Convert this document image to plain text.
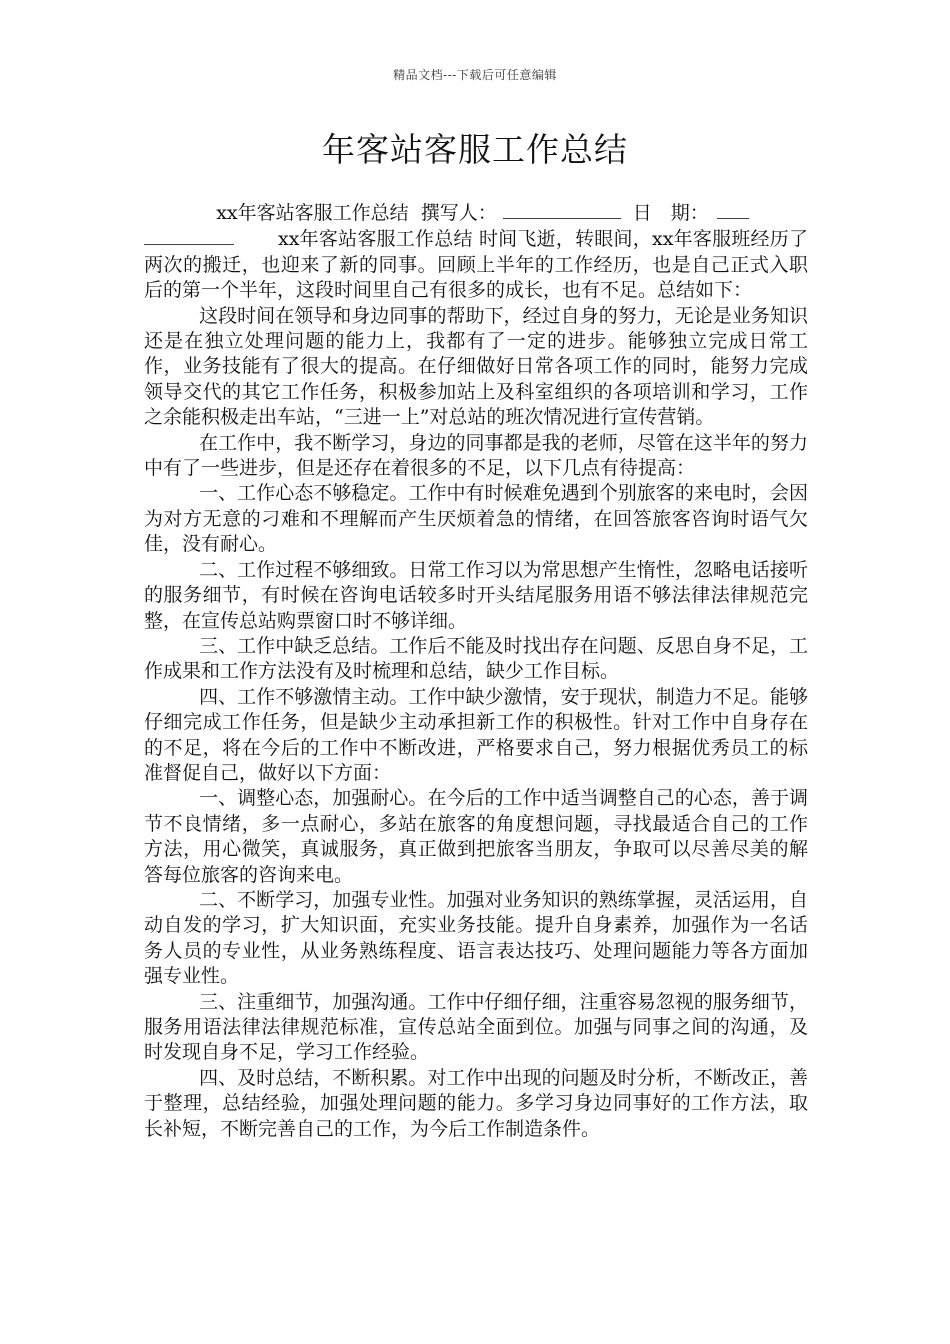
精品文档---下载后可任意编辑
年客站客服工作总结

xx年客站客服工作总结 撰写人：	日　期：

xx年客站客服工作总结 时间飞逝，转眼间，xx年客服班经历了两次的搬迁，也迎来了新的同事。回顾上半年的工作经历，也是自己正式入职后的第一个半年，这段时间里自己有很多的成长，也有不足。总结如下：

这段时间在领导和身边同事的帮助下，经过自身的努力，无论是业务知识还是在独立处理问题的能力上，我都有了一定的进步。能够独立完成日常工作，业务技能有了很大的提高。在仔细做好日常各项工作的同时，能努力完成领导交代的其它工作任务，积极参加站上及科室组织的各项培训和学习，工作之余能积极走出车站，“三进一上”对总站的班次情况进行宣传营销。

在工作中，我不断学习，身边的同事都是我的老师，尽管在这半年的努力中有了一些进步，但是还存在着很多的不足，以下几点有待提高：

一、工作心态不够稳定。工作中有时候难免遇到个别旅客的来电时，会因为对方无意的刁难和不理解而产生厌烦着急的情绪，在回答旅客咨询时语气欠佳，没有耐心。

二、工作过程不够细致。日常工作习以为常思想产生惰性，忽略电话接听的服务细节，有时候在咨询电话较多时开头结尾服务用语不够法律法律规范完整，在宣传总站购票窗口时不够详细。

三、工作中缺乏总结。工作后不能及时找出存在问题、反思自身不足，工作成果和工作方法没有及时梳理和总结，缺少工作目标。

四、工作不够激情主动。工作中缺少激情，安于现状，制造力不足。能够仔细完成工作任务，但是缺少主动承担新工作的积极性。针对工作中自身存在的不足，将在今后的工作中不断改进，严格要求自己，努力根据优秀员工的标准督促自己，做好以下方面：

一、调整心态，加强耐心。在今后的工作中适当调整自己的心态，善于调节不良情绪，多一点耐心，多站在旅客的角度想问题，寻找最适合自己的工作方法，用心微笑，真诚服务，真正做到把旅客当朋友，争取可以尽善尽美的解答每位旅客的咨询来电。

二、不断学习，加强专业性。加强对业务知识的熟练掌握，灵活运用，自动自发的学习，扩大知识面，充实业务技能。提升自身素养，加强作为一名话务人员的专业性，从业务熟练程度、语言表达技巧、处理问题能力等各方面加强专业性。

三、注重细节，加强沟通。工作中仔细仔细，注重容易忽视的服务细节，服务用语法律法律规范标准，宣传总站全面到位。加强与同事之间的沟通，及时发现自身不足，学习工作经验。

四、及时总结，不断积累。对工作中出现的问题及时分析，不断改正，善于整理，总结经验，加强处理问题的能力。多学习身边同事好的工作方法，取长补短，不断完善自己的工作，为今后工作制造条件。
